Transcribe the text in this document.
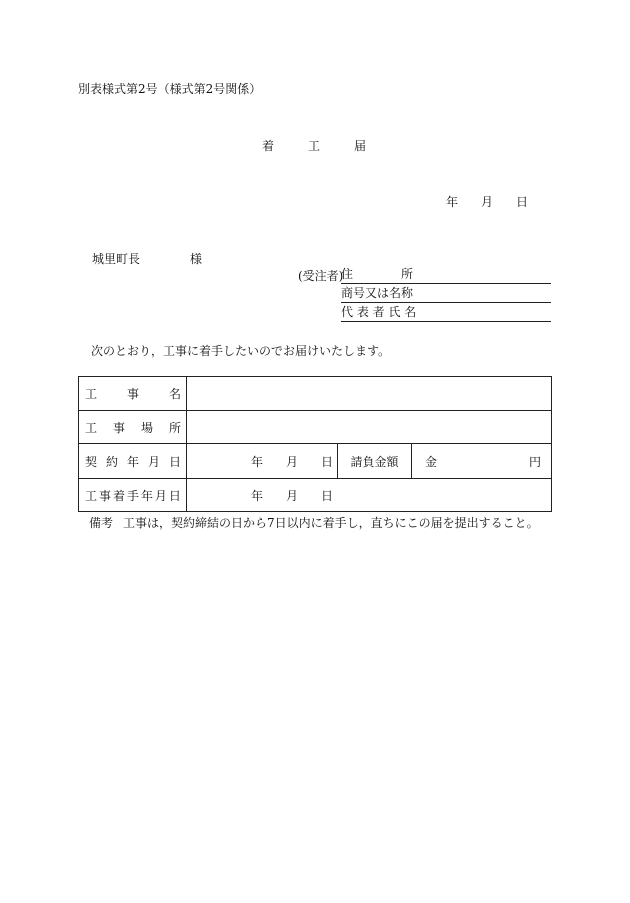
別表様式第2号（様式第2号関係）
着	工	届
年 月 日
城里町長	様
(受注者)
住　　　　所
商号又は名称
代 表 者 氏 名
次のとおり，工事に着手したいのでお届けいたします。
工 事 名
工 事 場 所
契 約 年 月 日	年 月 日 請負金額 金	円
工 事 着 手 年 月 日	年 月 日
備考 工事は，契約締結の日から7日以内に着手し，直ちにこの届を提出すること。
